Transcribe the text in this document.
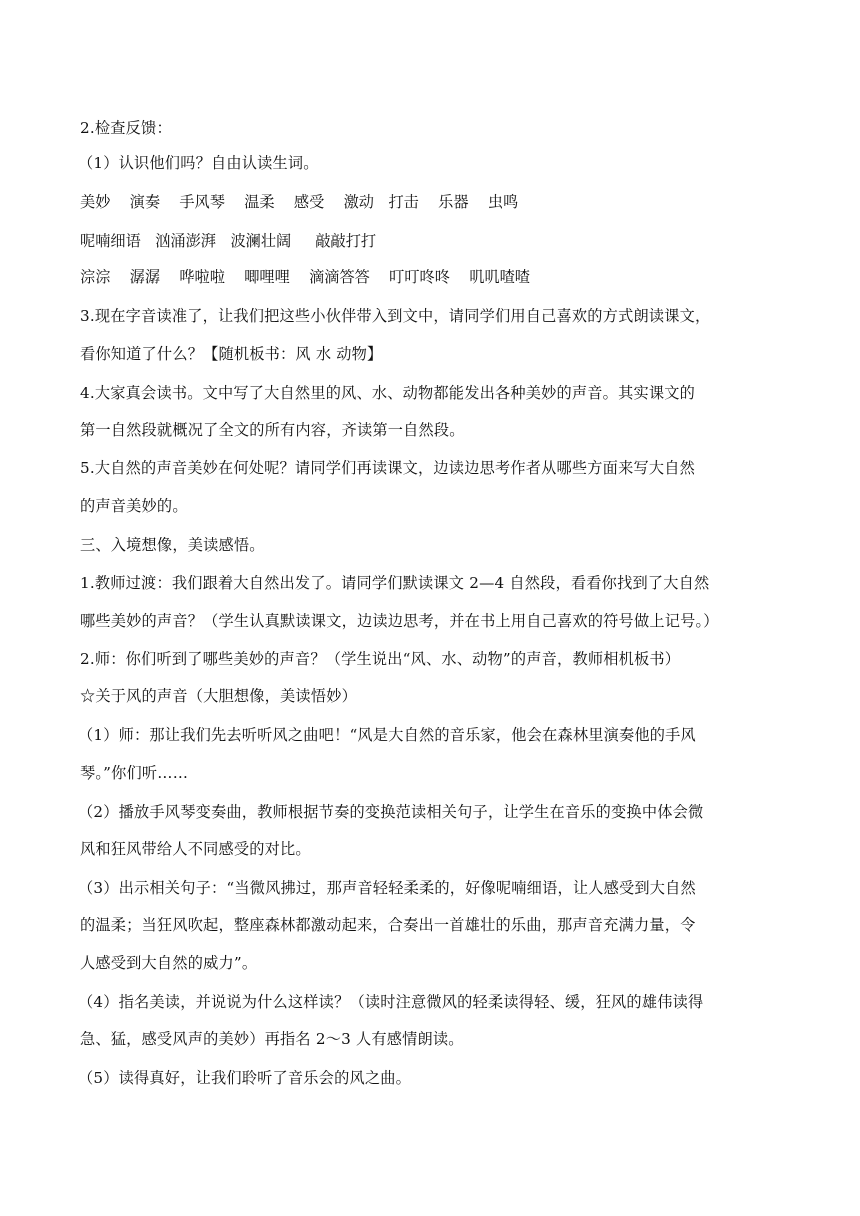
2.检查反馈：
（1）认识他们吗？自由认读生词。
美妙    演奏    手风琴    温柔    感受    激动   打击    乐器    虫鸣
呢喃细语   汹涌澎湃   波澜壮阔     敲敲打打
淙淙    潺潺    哗啦啦    唧哩哩    滴滴答答    叮叮咚咚    叽叽喳喳
3.现在字音读准了，让我们把这些小伙伴带入到文中，请同学们用自己喜欢的方式朗读课文，
看你知道了什么？【随机板书：风 水 动物】
4.大家真会读书。文中写了大自然里的风、水、动物都能发出各种美妙的声音。其实课文的
第一自然段就概况了全文的所有内容，齐读第一自然段。
5.大自然的声音美妙在何处呢？请同学们再读课文，边读边思考作者从哪些方面来写大自然
的声音美妙的。
三、入境想像，美读感悟。
1.教师过渡：我们跟着大自然出发了。请同学们默读课文 2—4 自然段，看看你找到了大自然
哪些美妙的声音？（学生认真默读课文，边读边思考，并在书上用自己喜欢的符号做上记号。）
2.师：你们听到了哪些美妙的声音？（学生说出“风、水、动物”的声音，教师相机板书）
☆关于风的声音（大胆想像，美读悟妙）
（1）师：那让我们先去听听风之曲吧！“风是大自然的音乐家，他会在森林里演奏他的手风
琴。”你们听……
（2）播放手风琴变奏曲，教师根据节奏的变换范读相关句子，让学生在音乐的变换中体会微
风和狂风带给人不同感受的对比。
（3）出示相关句子：“当微风拂过，那声音轻轻柔柔的，好像呢喃细语，让人感受到大自然
的温柔；当狂风吹起，整座森林都激动起来，合奏出一首雄壮的乐曲，那声音充满力量，令
人感受到大自然的威力”。
（4）指名美读，并说说为什么这样读？（读时注意微风的轻柔读得轻、缓，狂风的雄伟读得
急、猛，感受风声的美妙）再指名 2～3 人有感情朗读。
（5）读得真好，让我们聆听了音乐会的风之曲。
